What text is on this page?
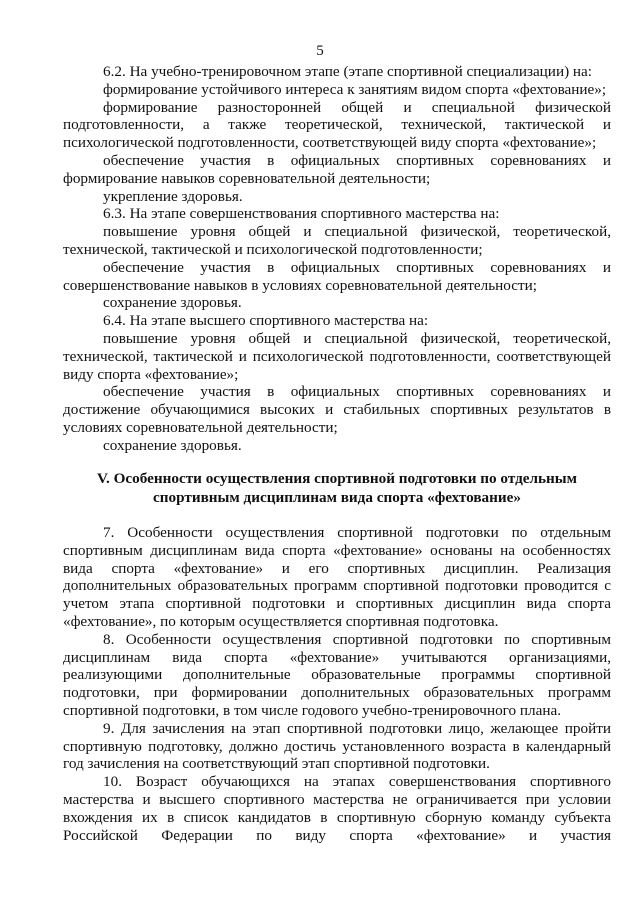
5

6.2. На учебно-тренировочном этапе (этапе спортивной специализации) на:

формирование устойчивого интереса к занятиям видом спорта «фехтование»;

формирование разносторонней общей и специальной физической подготовленности, а также теоретической, технической, тактической и психологической подготовленности, соответствующей виду спорта «фехтование»;

обеспечение участия в официальных спортивных соревнованиях и формирование навыков соревновательной деятельности;

укрепление здоровья.

6.3. На этапе совершенствования спортивного мастерства на:

повышение уровня общей и специальной физической, теоретической, технической, тактической и психологической подготовленности;

обеспечение участия в официальных спортивных соревнованиях и совершенствование навыков в условиях соревновательной деятельности;

сохранение здоровья.

6.4. На этапе высшего спортивного мастерства на:

повышение уровня общей и специальной физической, теоретической, технической, тактической и психологической подготовленности, соответствующей виду спорта «фехтование»;

обеспечение участия в официальных спортивных соревнованиях и достижение обучающимися высоких и стабильных спортивных результатов в условиях соревновательной деятельности;

сохранение здоровья.

V. Особенности осуществления спортивной подготовки по отдельным
спортивным дисциплинам вида спорта «фехтование»

7. Особенности осуществления спортивной подготовки по отдельным спортивным дисциплинам вида спорта «фехтование» основаны на особенностях вида спорта «фехтование» и его спортивных дисциплин. Реализация дополнительных образовательных программ спортивной подготовки проводится с учетом этапа спортивной подготовки и спортивных дисциплин вида спорта «фехтование», по которым осуществляется спортивная подготовка.

8. Особенности осуществления спортивной подготовки по спортивным дисциплинам вида спорта «фехтование» учитываются организациями, реализующими дополнительные образовательные программы спортивной подготовки, при формировании дополнительных образовательных программ спортивной подготовки, в том числе годового учебно-тренировочного плана.

9. Для зачисления на этап спортивной подготовки лицо, желающее пройти спортивную подготовку, должно достичь установленного возраста в календарный год зачисления на соответствующий этап спортивной подготовки.

10. Возраст обучающихся на этапах совершенствования спортивного мастерства и высшего спортивного мастерства не ограничивается при условии вхождения их в список кандидатов в спортивную сборную команду субъекта Российской Федерации по виду спорта «фехтование» и участия
